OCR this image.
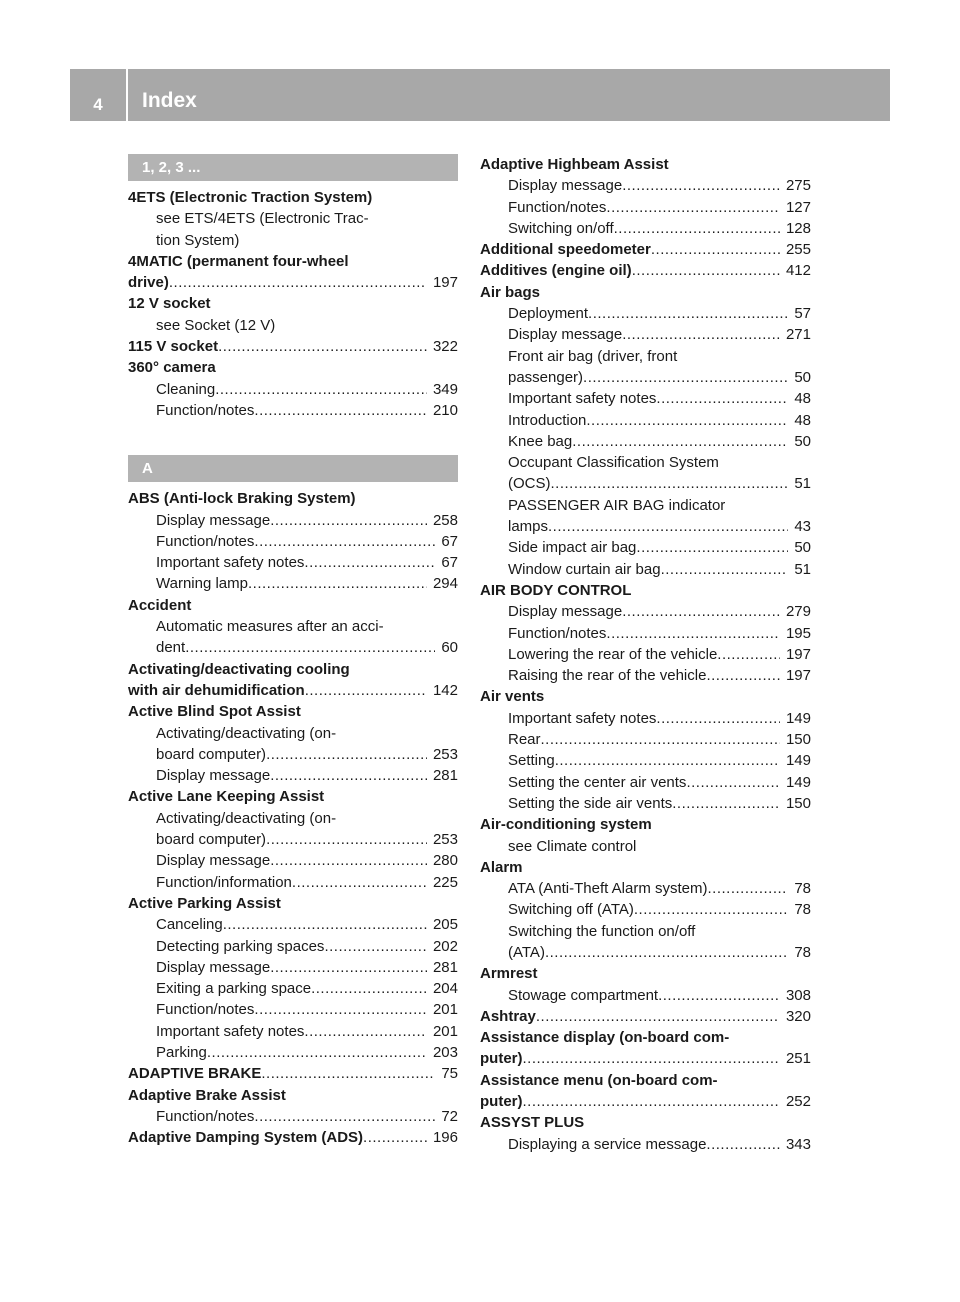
4	Index
1, 2, 3 ...
4ETS (Electronic Traction System)
see ETS/4ETS (Electronic Trac-
tion System)
4MATIC (permanent four-wheel
drive) .....	197
12 V socket
see Socket (12 V)
115 V socket .....	322
360° camera
Cleaning .....	349
Function/notes .....	210
A
ABS (Anti-lock Braking System)
Display message .....	258
Function/notes .....	67
Important safety notes .....	67
Warning lamp .....	294
Accident
Automatic measures after an acci-
dent .....	60
Activating/deactivating cooling
with air dehumidification .....	142
Active Blind Spot Assist
Activating/deactivating (on-
board computer) .....	253
Display message .....	281
Active Lane Keeping Assist
Activating/deactivating (on-
board computer) .....	253
Display message .....	280
Function/information .....	225
Active Parking Assist
Canceling .....	205
Detecting parking spaces .....	202
Display message .....	281
Exiting a parking space .....	204
Function/notes .....	201
Important safety notes .....	201
Parking .....	203
ADAPTIVE BRAKE .....	75
Adaptive Brake Assist
Function/notes .....	72
Adaptive Damping System (ADS) .....	196
Adaptive Highbeam Assist
Display message .....	275
Function/notes .....	127
Switching on/off .....	128
Additional speedometer .....	255
Additives (engine oil) .....	412
Air bags
Deployment .....	57
Display message .....	271
Front air bag (driver, front
passenger) .....	50
Important safety notes .....	48
Introduction .....	48
Knee bag .....	50
Occupant Classification System
(OCS) .....	51
PASSENGER AIR BAG indicator
lamps .....	43
Side impact air bag .....	50
Window curtain air bag .....	51
AIR BODY CONTROL
Display message .....	279
Function/notes .....	195
Lowering the rear of the vehicle .....	197
Raising the rear of the vehicle .....	197
Air vents
Important safety notes .....	149
Rear .....	150
Setting .....	149
Setting the center air vents .....	149
Setting the side air vents .....	150
Air-conditioning system
see Climate control
Alarm
ATA (Anti-Theft Alarm system) .....	78
Switching off (ATA) .....	78
Switching the function on/off
(ATA) .....	78
Armrest
Stowage compartment .....	308
Ashtray .....	320
Assistance display (on-board com-
puter) .....	251
Assistance menu (on-board com-
puter) .....	252
ASSYST PLUS
Displaying a service message .....	343
